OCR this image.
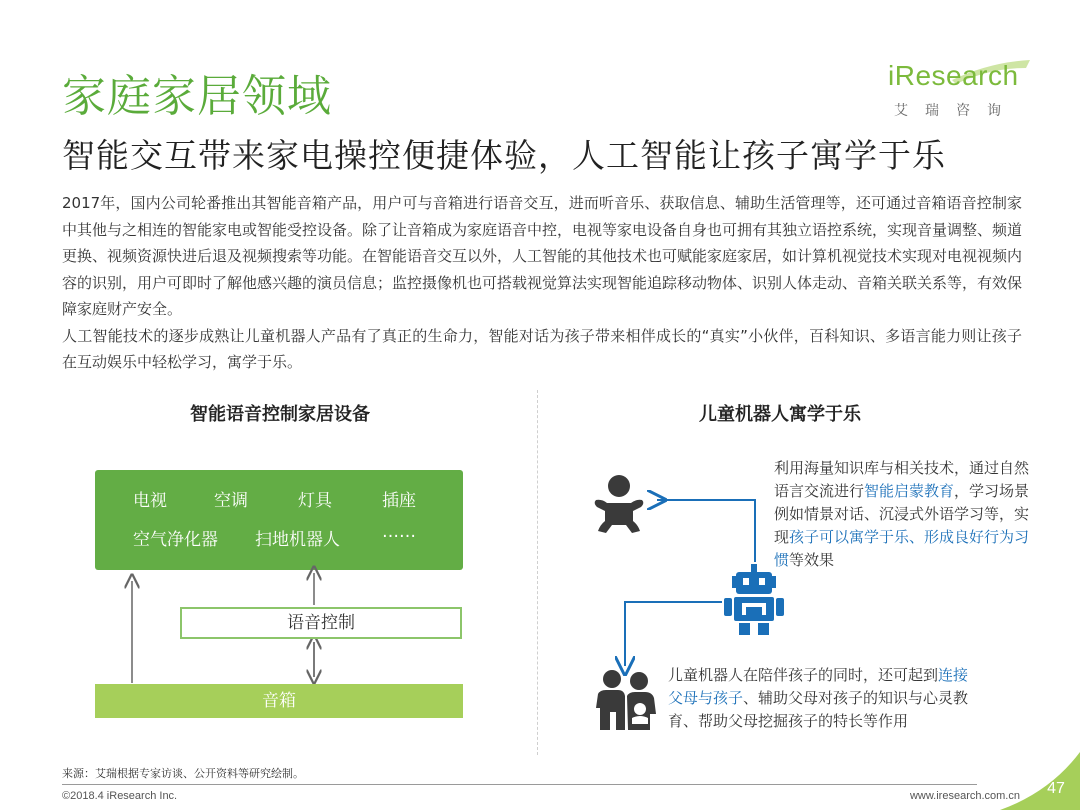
家庭家居领域
智能交互带来家电操控便捷体验，人工智能让孩子寓学于乐
iResearch
艾瑞咨询

2017年，国内公司轮番推出其智能音箱产品，用户可与音箱进行语音交互，进而听音乐、获取信息、辅助生活管理等，还可通过音箱语音控制家中其他与之相连的智能家电或智能受控设备。除了让音箱成为家庭语音中控，电视等家电设备自身也可拥有其独立语控系统，实现音量调整、频道更换、视频资源快进后退及视频搜索等功能。在智能语音交互以外，人工智能的其他技术也可赋能家庭家居，如计算机视觉技术实现对电视视频内容的识别，用户可即时了解他感兴趣的演员信息；监控摄像机也可搭载视觉算法实现智能追踪移动物体、识别人体走动、音箱关联关系等，有效保障家庭财产安全。

人工智能技术的逐步成熟让儿童机器人产品有了真正的生命力，智能对话为孩子带来相伴成长的“真实”小伙伴，百科知识、多语言能力则让孩子在互动娱乐中轻松学习，寓学于乐。

智能语音控制家居设备
电视	空调	灯具	插座
空气净化器 扫地机器人 ……
语音控制
音箱
儿童机器人寓学于乐
利用海量知识库与相关技术，通过自然语言交流进行智能启蒙教育，学习场景例如情景对话、沉浸式外语学习等，实现孩子可以寓学于乐、形成良好行为习惯等效果
儿童机器人在陪伴孩子的同时，还可起到连接父母与孩子、辅助父母对孩子的知识与心灵教育、帮助父母挖掘孩子的特长等作用
来源：艾瑞根据专家访谈、公开资料等研究绘制。
©2018.4 iResearch Inc.	www.iresearch.com.cn	47
